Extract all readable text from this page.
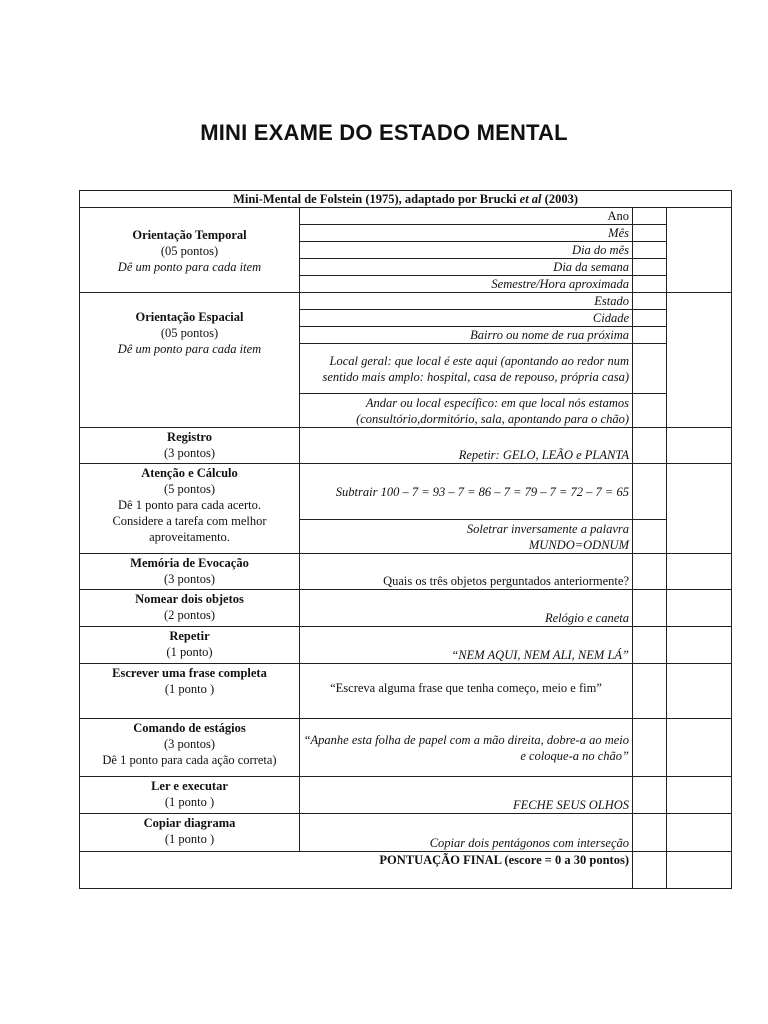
MINI EXAME DO ESTADO MENTAL
Mini-Mental de Folstein (1975), adaptado por Brucki et al (2003)			

Orientação Temporal
(05 pontos)
Dê um ponto para cada item	Ano		
	Mês		
	Dia do mês		
	Dia da semana		
	Semestre/Hora aproximada		

Orientação Espacial
(05 pontos)
Dê um ponto para cada item	Estado		
	Cidade		
	Bairro ou nome de rua próxima		
	Local geral: que local é este aqui (apontando ao redor num sentido mais amplo: hospital, casa de repouso, própria casa)		
	Andar ou local específico: em que local nós estamos (consultório,dormitório, sala, apontando para o chão)		

Registro
(3 pontos)	Repetir: GELO, LEÃO e PLANTA		

Atenção e Cálculo
(5 pontos)
Dê 1 ponto para cada acerto.
Considere a tarefa com melhor aproveitamento.	Subtrair 100 – 7 = 93 – 7 = 86 – 7 = 79 – 7 = 72 – 7 = 65		

	Soletrar inversamente a palavra
MUNDO=ODNUM		

Memória de Evocação
(3 pontos)	Quais os três objetos perguntados anteriormente?		

Nomear dois objetos
(2 pontos)	Relógio e caneta		

Repetir
(1 ponto)	“NEM AQUI, NEM ALI, NEM LÁ”		

Escrever uma frase completa
(1 ponto )	“Escreva alguma frase que tenha começo, meio e fim”		

Comando de estágios
(3 pontos)
Dê 1 ponto para cada ação correta)	“Apanhe esta folha de papel com a mão direita, dobre-a ao meio e coloque-a no chão”		

Ler e executar
(1 ponto )	FECHE SEUS OLHOS		

Copiar diagrama
(1 ponto )	Copiar dois pentágonos com interseção		
PONTUAÇÃO FINAL (escore = 0 a 30 pontos)			
